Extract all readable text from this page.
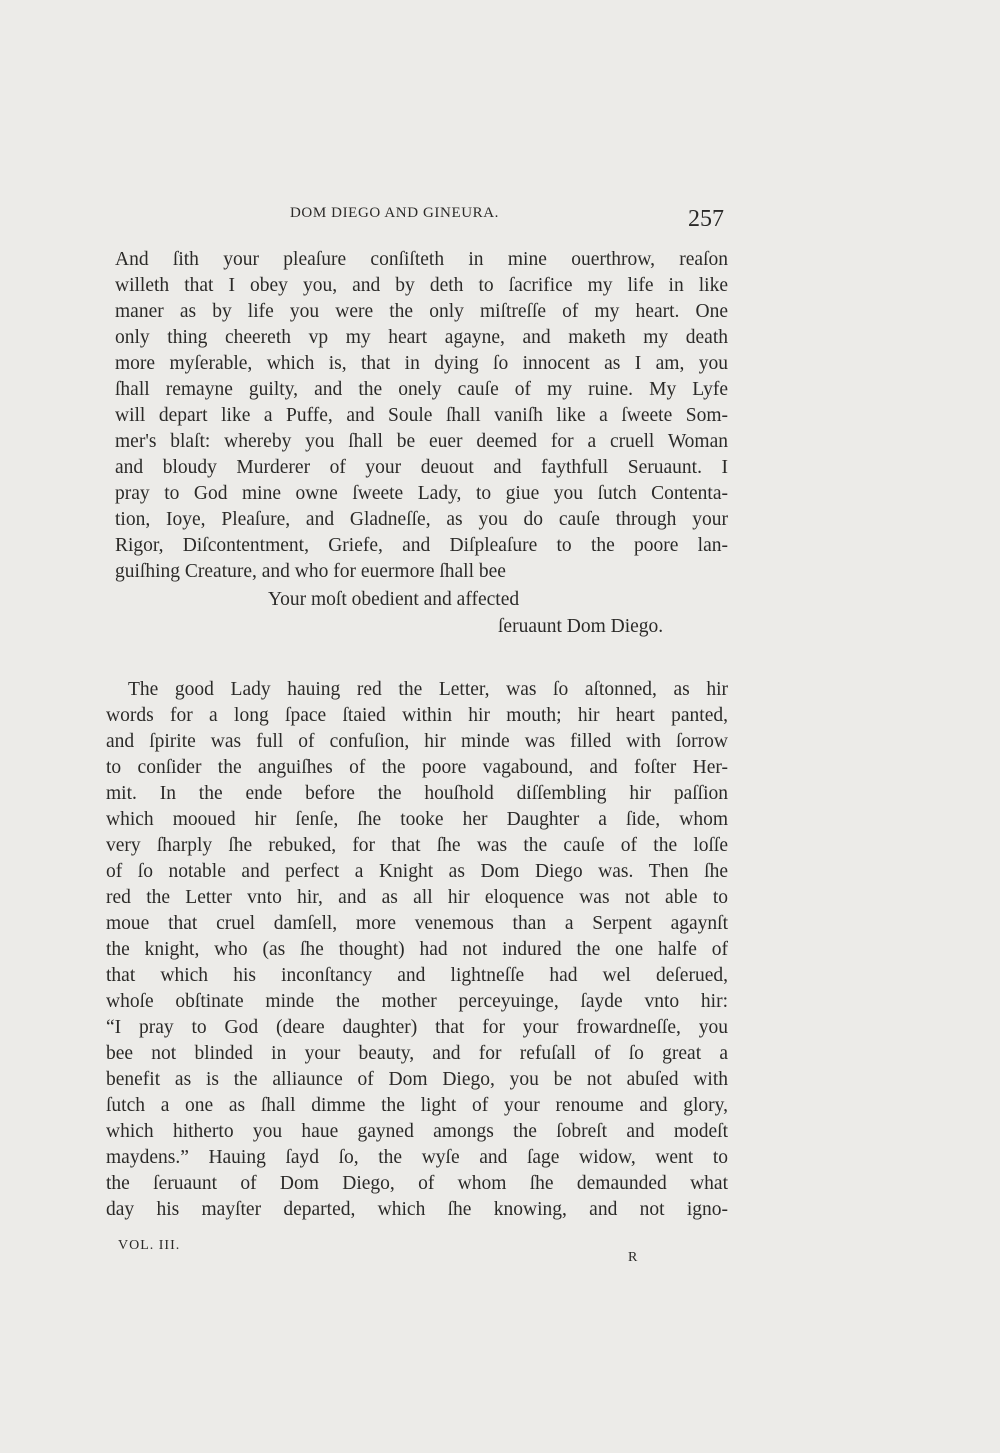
DOM DIEGO AND GINEURA.	257
And ſith your pleaſure conſiſteth in mine ouerthrow, reaſon
willeth that I obey you, and by deth to ſacrifice my life in like
maner as by life you were the only miſtreſſe of my heart. One
only thing cheereth vp my heart agayne, and maketh my death
more myſerable, which is, that in dying ſo innocent as I am, you
ſhall remayne guilty, and the onely cauſe of my ruine. My Lyfe
will depart like a Puffe, and Soule ſhall vaniſh like a ſweete Som-
mer's blaſt: whereby you ſhall be euer deemed for a cruell Woman
and bloudy Murderer of your deuout and faythfull Seruaunt. I
pray to God mine owne ſweete Lady, to giue you ſutch Contenta-
tion, Ioye, Pleaſure, and Gladneſſe, as you do cauſe through your
Rigor, Diſcontentment, Griefe, and Diſpleaſure to the poore lan-
guiſhing Creature, and who for euermore ſhall bee
Your moſt obedient and affected
ſeruaunt Dom Diego.
The good Lady hauing red the Letter, was ſo aſtonned, as hir
words for a long ſpace ſtaied within hir mouth; hir heart panted,
and ſpirite was full of confuſion, hir minde was filled with ſorrow
to conſider the anguiſhes of the poore vagabound, and foſter Her-
mit. In the ende before the houſhold diſſembling hir paſſion
which mooued hir ſenſe, ſhe tooke her Daughter a ſide, whom
very ſharply ſhe rebuked, for that ſhe was the cauſe of the loſſe
of ſo notable and perfect a Knight as Dom Diego was. Then ſhe
red the Letter vnto hir, and as all hir eloquence was not able to
moue that cruel damſell, more venemous than a Serpent agaynſt
the knight, who (as ſhe thought) had not indured the one halfe of
that which his inconſtancy and lightneſſe had wel deſerued,
whoſe obſtinate minde the mother perceyuinge, ſayde vnto hir:
“I pray to God (deare daughter) that for your frowardneſſe, you
bee not blinded in your beauty, and for refuſall of ſo great a
benefit as is the alliaunce of Dom Diego, you be not abuſed with
ſutch a one as ſhall dimme the light of your renoume and glory,
which hitherto you haue gayned amongs the ſobreſt and modeſt
maydens.” Hauing ſayd ſo, the wyſe and ſage widow, went to
the ſeruaunt of Dom Diego, of whom ſhe demaunded what
day his mayſter departed, which ſhe knowing, and not igno-
VOL. III.
R
